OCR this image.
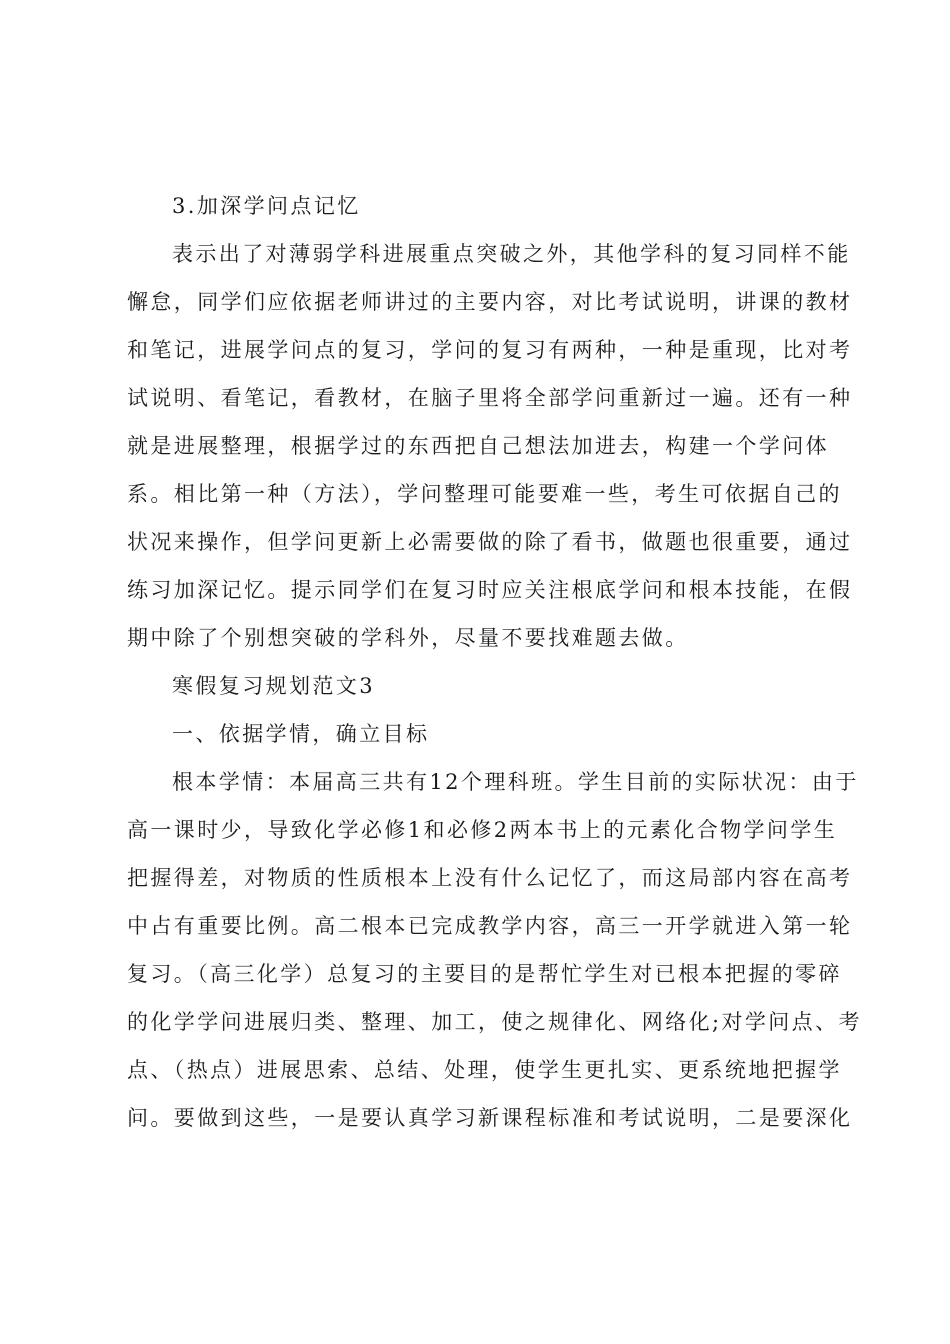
3.加深学问点记忆
表示出了对薄弱学科进展重点突破之外，其他学科的复习同样不能
懈怠，同学们应依据老师讲过的主要内容，对比考试说明，讲课的教材
和笔记，进展学问点的复习，学问的复习有两种，一种是重现，比对考
试说明、看笔记，看教材，在脑子里将全部学问重新过一遍。还有一种
就是进展整理，根据学过的东西把自己想法加进去，构建一个学问体
系。相比第一种（方法），学问整理可能要难一些，考生可依据自己的
状况来操作，但学问更新上必需要做的除了看书，做题也很重要，通过
练习加深记忆。提示同学们在复习时应关注根底学问和根本技能，在假
期中除了个别想突破的学科外，尽量不要找难题去做。
寒假复习规划范文3
一、依据学情，确立目标
根本学情：本届高三共有12个理科班。学生目前的实际状况：由于
高一课时少，导致化学必修1和必修2两本书上的元素化合物学问学生
把握得差，对物质的性质根本上没有什么记忆了，而这局部内容在高考
中占有重要比例。高二根本已完成教学内容，高三一开学就进入第一轮
复习。（高三化学）总复习的主要目的是帮忙学生对已根本把握的零碎
的化学学问进展归类、整理、加工，使之规律化、网络化;对学问点、考
点、（热点）进展思索、总结、处理，使学生更扎实、更系统地把握学
问。要做到这些，一是要认真学习新课程标准和考试说明，二是要深化
